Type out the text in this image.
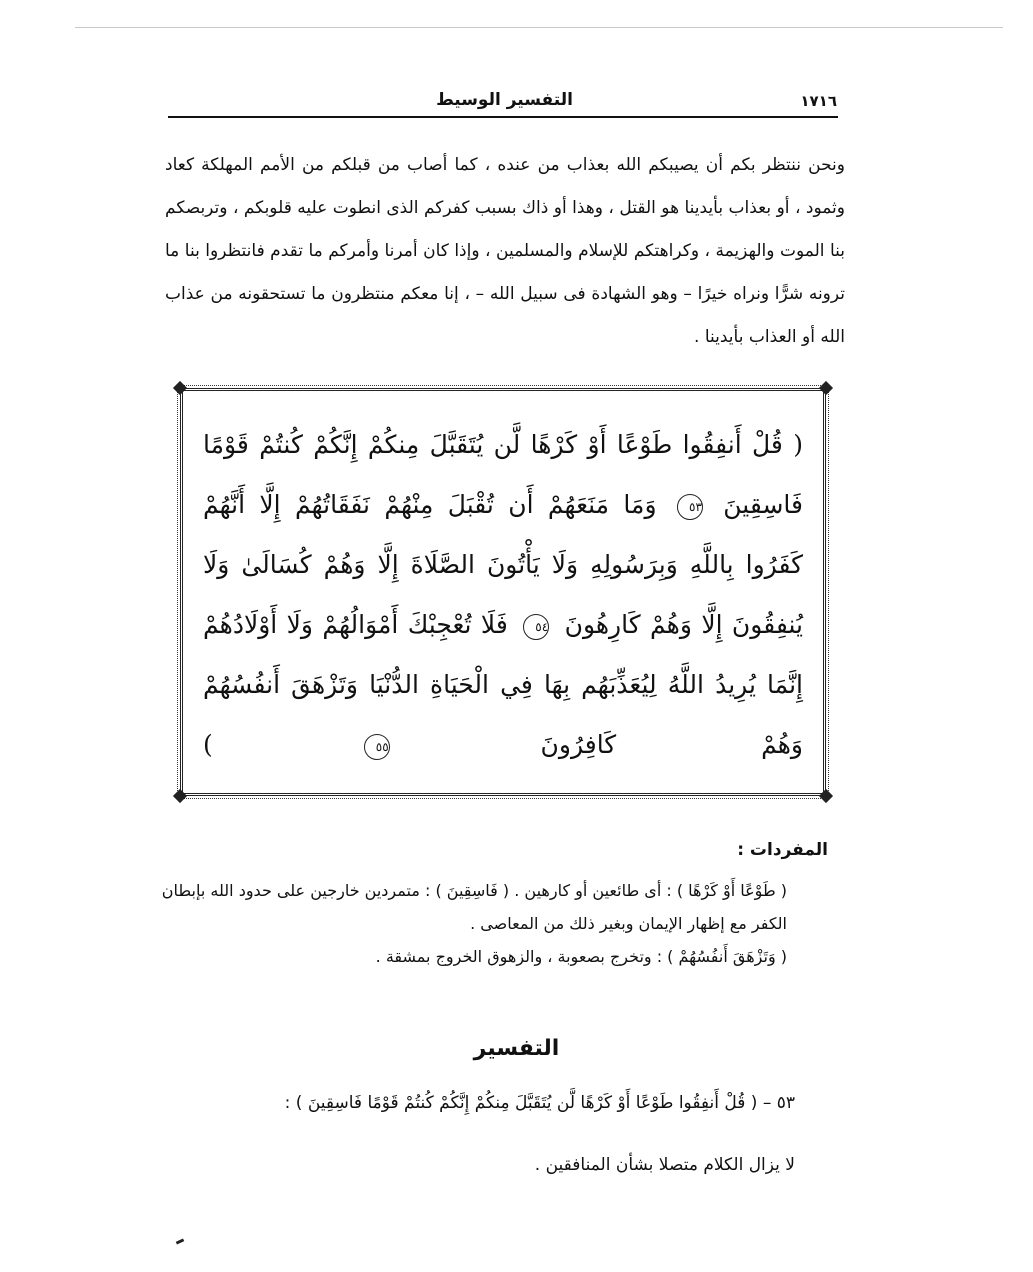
١٧١٦
التفسير الوسيط
ونحن ننتظر بكم أن يصيبكم الله بعذاب من عنده ، كما أصاب من قبلكم من الأمم المهلكة كعاد وثمود ، أو بعذاب بأيدينا هو القتل ، وهذا أو ذاك بسبب كفركم الذى انطوت عليه قلوبكم ، وتربصكم بنا الموت والهزيمة ، وكراهتكم للإسلام والمسلمين ، وإذا كان أمرنا وأمركم ما تقدم فانتظروا بنا ما ترونه شرًّا ونراه خيرًا – وهو الشهادة فى سبيل الله – ، إنا معكم منتظرون ما تستحقونه من عذاب الله أو العذاب بأيدينا .
( قُلْ أَنفِقُوا طَوْعًا أَوْ كَرْهًا لَّن يُتَقَبَّلَ مِنكُمْ إِنَّكُمْ كُنتُمْ قَوْمًا فَاسِقِينَ ٥٣ وَمَا مَنَعَهُمْ أَن تُقْبَلَ مِنْهُمْ نَفَقَاتُهُمْ إِلَّا أَنَّهُمْ كَفَرُوا بِاللَّهِ وَبِرَسُولِهِ وَلَا يَأْتُونَ الصَّلَاةَ إِلَّا وَهُمْ كُسَالَىٰ وَلَا يُنفِقُونَ إِلَّا وَهُمْ كَارِهُونَ ٥٤ فَلَا تُعْجِبْكَ أَمْوَالُهُمْ وَلَا أَوْلَادُهُمْ إِنَّمَا يُرِيدُ اللَّهُ لِيُعَذِّبَهُم بِهَا فِي الْحَيَاةِ الدُّنْيَا وَتَزْهَقَ أَنفُسُهُمْ وَهُمْ كَافِرُونَ ٥٥ )
المفردات :

( طَوْعًا أَوْ كَرْهًا ) : أى طائعين أو كارهين . ( فَاسِقِينَ ) : متمردين خارجين على حدود الله بإبطان الكفر مع إظهار الإيمان وبغير ذلك من المعاصى .

( وَتَزْهَقَ أَنفُسُهُمْ ) : وتخرج بصعوبة ، والزهوق الخروج بمشقة .

التفسير
٥٣ – ( قُلْ أَنفِقُوا طَوْعًا أَوْ كَرْهًا لَّن يُتَقَبَّلَ مِنكُمْ إِنَّكُمْ كُنتُمْ قَوْمًا فَاسِقِينَ ) :
لا يزال الكلام متصلا بشأن المنافقين .
